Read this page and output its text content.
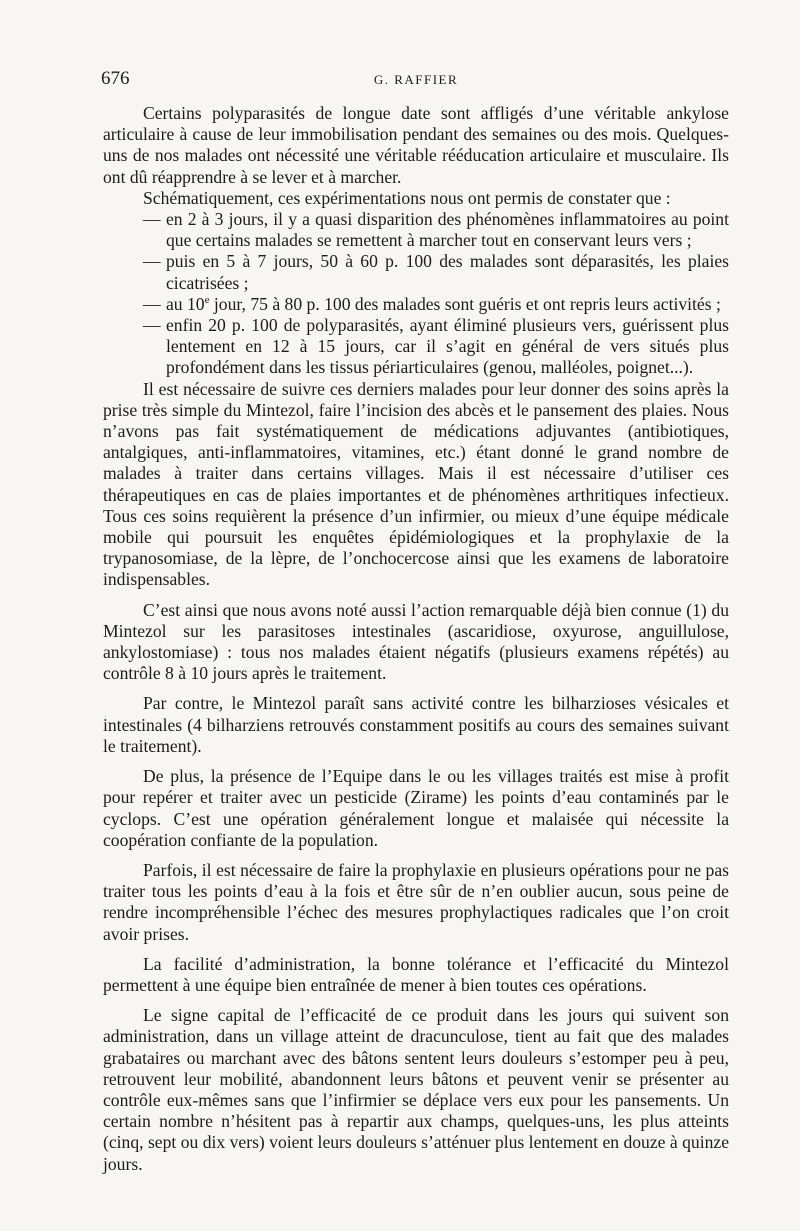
676	G. RAFFIER

Certains polyparasités de longue date sont affligés d’une véritable ankylose articulaire à cause de leur immobilisation pendant des semaines ou des mois. Quelques-uns de nos malades ont nécessité une véritable rééducation articulaire et musculaire. Ils ont dû réapprendre à se lever et à marcher.

Schématiquement, ces expérimentations nous ont permis de constater que :

— en 2 à 3 jours, il y a quasi disparition des phénomènes inflammatoires au point que certains malades se remettent à marcher tout en conservant leurs vers ;
— puis en 5 à 7 jours, 50 à 60 p. 100 des malades sont déparasités, les plaies cicatrisées ;
— au 10e jour, 75 à 80 p. 100 des malades sont guéris et ont repris leurs activités ;
— enfin 20 p. 100 de polyparasités, ayant éliminé plusieurs vers, guérissent plus lentement en 12 à 15 jours, car il s’agit en général de vers situés plus profondément dans les tissus périarticulaires (genou, malléoles, poignet...).

Il est nécessaire de suivre ces derniers malades pour leur donner des soins après la prise très simple du Mintezol, faire l’incision des abcès et le pansement des plaies. Nous n’avons pas fait systématiquement de médications adjuvantes (antibiotiques, antalgiques, anti-inflammatoires, vitamines, etc.) étant donné le grand nombre de malades à traiter dans certains villages. Mais il est nécessaire d’utiliser ces thérapeutiques en cas de plaies importantes et de phénomènes arthritiques infectieux. Tous ces soins requièrent la présence d’un infirmier, ou mieux d’une équipe médicale mobile qui poursuit les enquêtes épidémiologiques et la prophylaxie de la trypanosomiase, de la lèpre, de l’onchocercose ainsi que les examens de laboratoire indispensables.

C’est ainsi que nous avons noté aussi l’action remarquable déjà bien connue (1) du Mintezol sur les parasitoses intestinales (ascaridiose, oxyurose, anguillulose, ankylostomiase) : tous nos malades étaient négatifs (plusieurs examens répétés) au contrôle 8 à 10 jours après le traitement.

Par contre, le Mintezol paraît sans activité contre les bilharzioses vésicales et intestinales (4 bilharziens retrouvés constamment positifs au cours des semaines suivant le traitement).

De plus, la présence de l’Equipe dans le ou les villages traités est mise à profit pour repérer et traiter avec un pesticide (Zirame) les points d’eau contaminés par le cyclops. C’est une opération généralement longue et malaisée qui nécessite la coopération confiante de la population.

Parfois, il est nécessaire de faire la prophylaxie en plusieurs opérations pour ne pas traiter tous les points d’eau à la fois et être sûr de n’en oublier aucun, sous peine de rendre incompréhensible l’échec des mesures prophylactiques radicales que l’on croit avoir prises.

La facilité d’administration, la bonne tolérance et l’efficacité du Mintezol permettent à une équipe bien entraînée de mener à bien toutes ces opérations.

Le signe capital de l’efficacité de ce produit dans les jours qui suivent son administration, dans un village atteint de dracunculose, tient au fait que des malades grabataires ou marchant avec des bâtons sentent leurs douleurs s’estomper peu à peu, retrouvent leur mobilité, abandonnent leurs bâtons et peuvent venir se présenter au contrôle eux-mêmes sans que l’infirmier se déplace vers eux pour les pansements. Un certain nombre n’hésitent pas à repartir aux champs, quelques-uns, les plus atteints (cinq, sept ou dix vers) voient leurs douleurs s’atténuer plus lentement en douze à quinze jours.
